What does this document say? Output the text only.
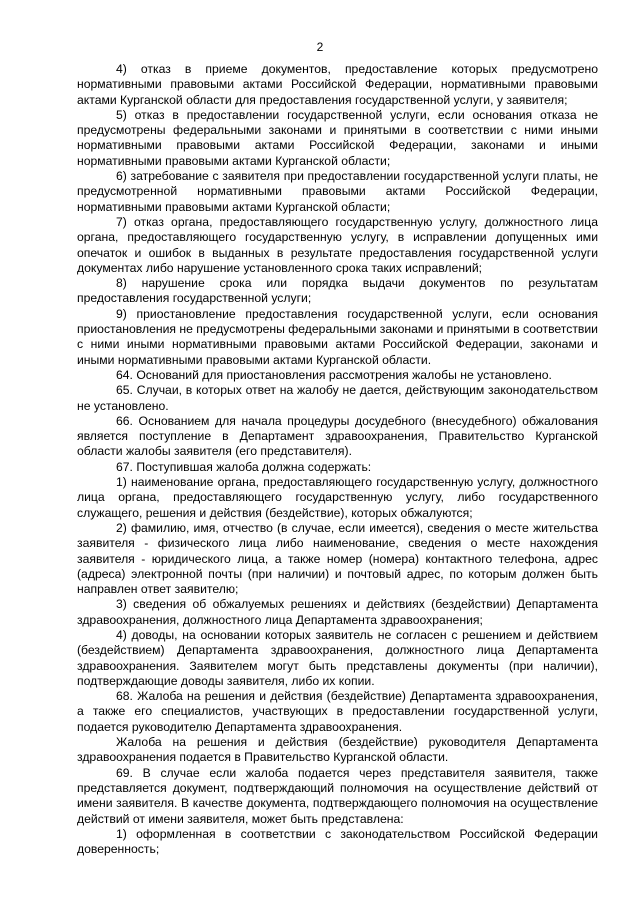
2

4) отказ в приеме документов, предоставление которых предусмотрено нормативными правовыми актами Российской Федерации, нормативными правовыми актами Курганской области для предоставления государственной услуги, у заявителя;

5) отказ в предоставлении государственной услуги, если основания отказа не предусмотрены федеральными законами и принятыми в соответствии с ними иными нормативными правовыми актами Российской Федерации, законами и иными нормативными правовыми актами Курганской области;

6) затребование с заявителя при предоставлении государственной услуги платы, не предусмотренной нормативными правовыми актами Российской Федерации, нормативными правовыми актами Курганской области;

7) отказ органа, предоставляющего государственную услугу, должностного лица органа, предоставляющего государственную услугу, в исправлении допущенных ими опечаток и ошибок в выданных в результате предоставления государственной услуги документах либо нарушение установленного срока таких исправлений;

8) нарушение срока или порядка выдачи документов по результатам предоставления государственной услуги;

9) приостановление предоставления государственной услуги, если основания приостановления не предусмотрены федеральными законами и принятыми в соответствии с ними иными нормативными правовыми актами Российской Федерации, законами и иными нормативными правовыми актами Курганской области.

64. Оснований для приостановления рассмотрения жалобы не установлено.

65. Случаи, в которых ответ на жалобу не дается, действующим законодательством не установлено.

66. Основанием для начала процедуры досудебного (внесудебного) обжалования является поступление в Департамент здравоохранения, Правительство Курганской области жалобы заявителя (его представителя).

67. Поступившая жалоба должна содержать:

1) наименование органа, предоставляющего государственную услугу, должностного лица органа, предоставляющего государственную услугу, либо государственного служащего, решения и действия (бездействие), которых обжалуются;

2) фамилию, имя, отчество (в случае, если имеется), сведения о месте жительства заявителя - физического лица либо наименование, сведения о месте нахождения заявителя - юридического лица, а также номер (номера) контактного телефона, адрес (адреса) электронной почты (при наличии) и почтовый адрес, по которым должен быть направлен ответ заявителю;

3) сведения об обжалуемых решениях и действиях (бездействии) Департамента здравоохранения, должностного лица Департамента здравоохранения;

4) доводы, на основании которых заявитель не согласен с решением и действием (бездействием) Департамента здравоохранения, должностного лица Департамента здравоохранения. Заявителем могут быть представлены документы (при наличии), подтверждающие доводы заявителя, либо их копии.

68. Жалоба на решения и действия (бездействие) Департамента здравоохранения, а также его специалистов, участвующих в предоставлении государственной услуги, подается руководителю Департамента здравоохранения.

Жалоба на решения и действия (бездействие) руководителя Департамента здравоохранения подается в Правительство Курганской области.

69. В случае если жалоба подается через представителя заявителя, также представляется документ, подтверждающий полномочия на осуществление действий от имени заявителя. В качестве документа, подтверждающего полномочия на осуществление действий от имени заявителя, может быть представлена:

1) оформленная в соответствии с законодательством Российской Федерации доверенность;
